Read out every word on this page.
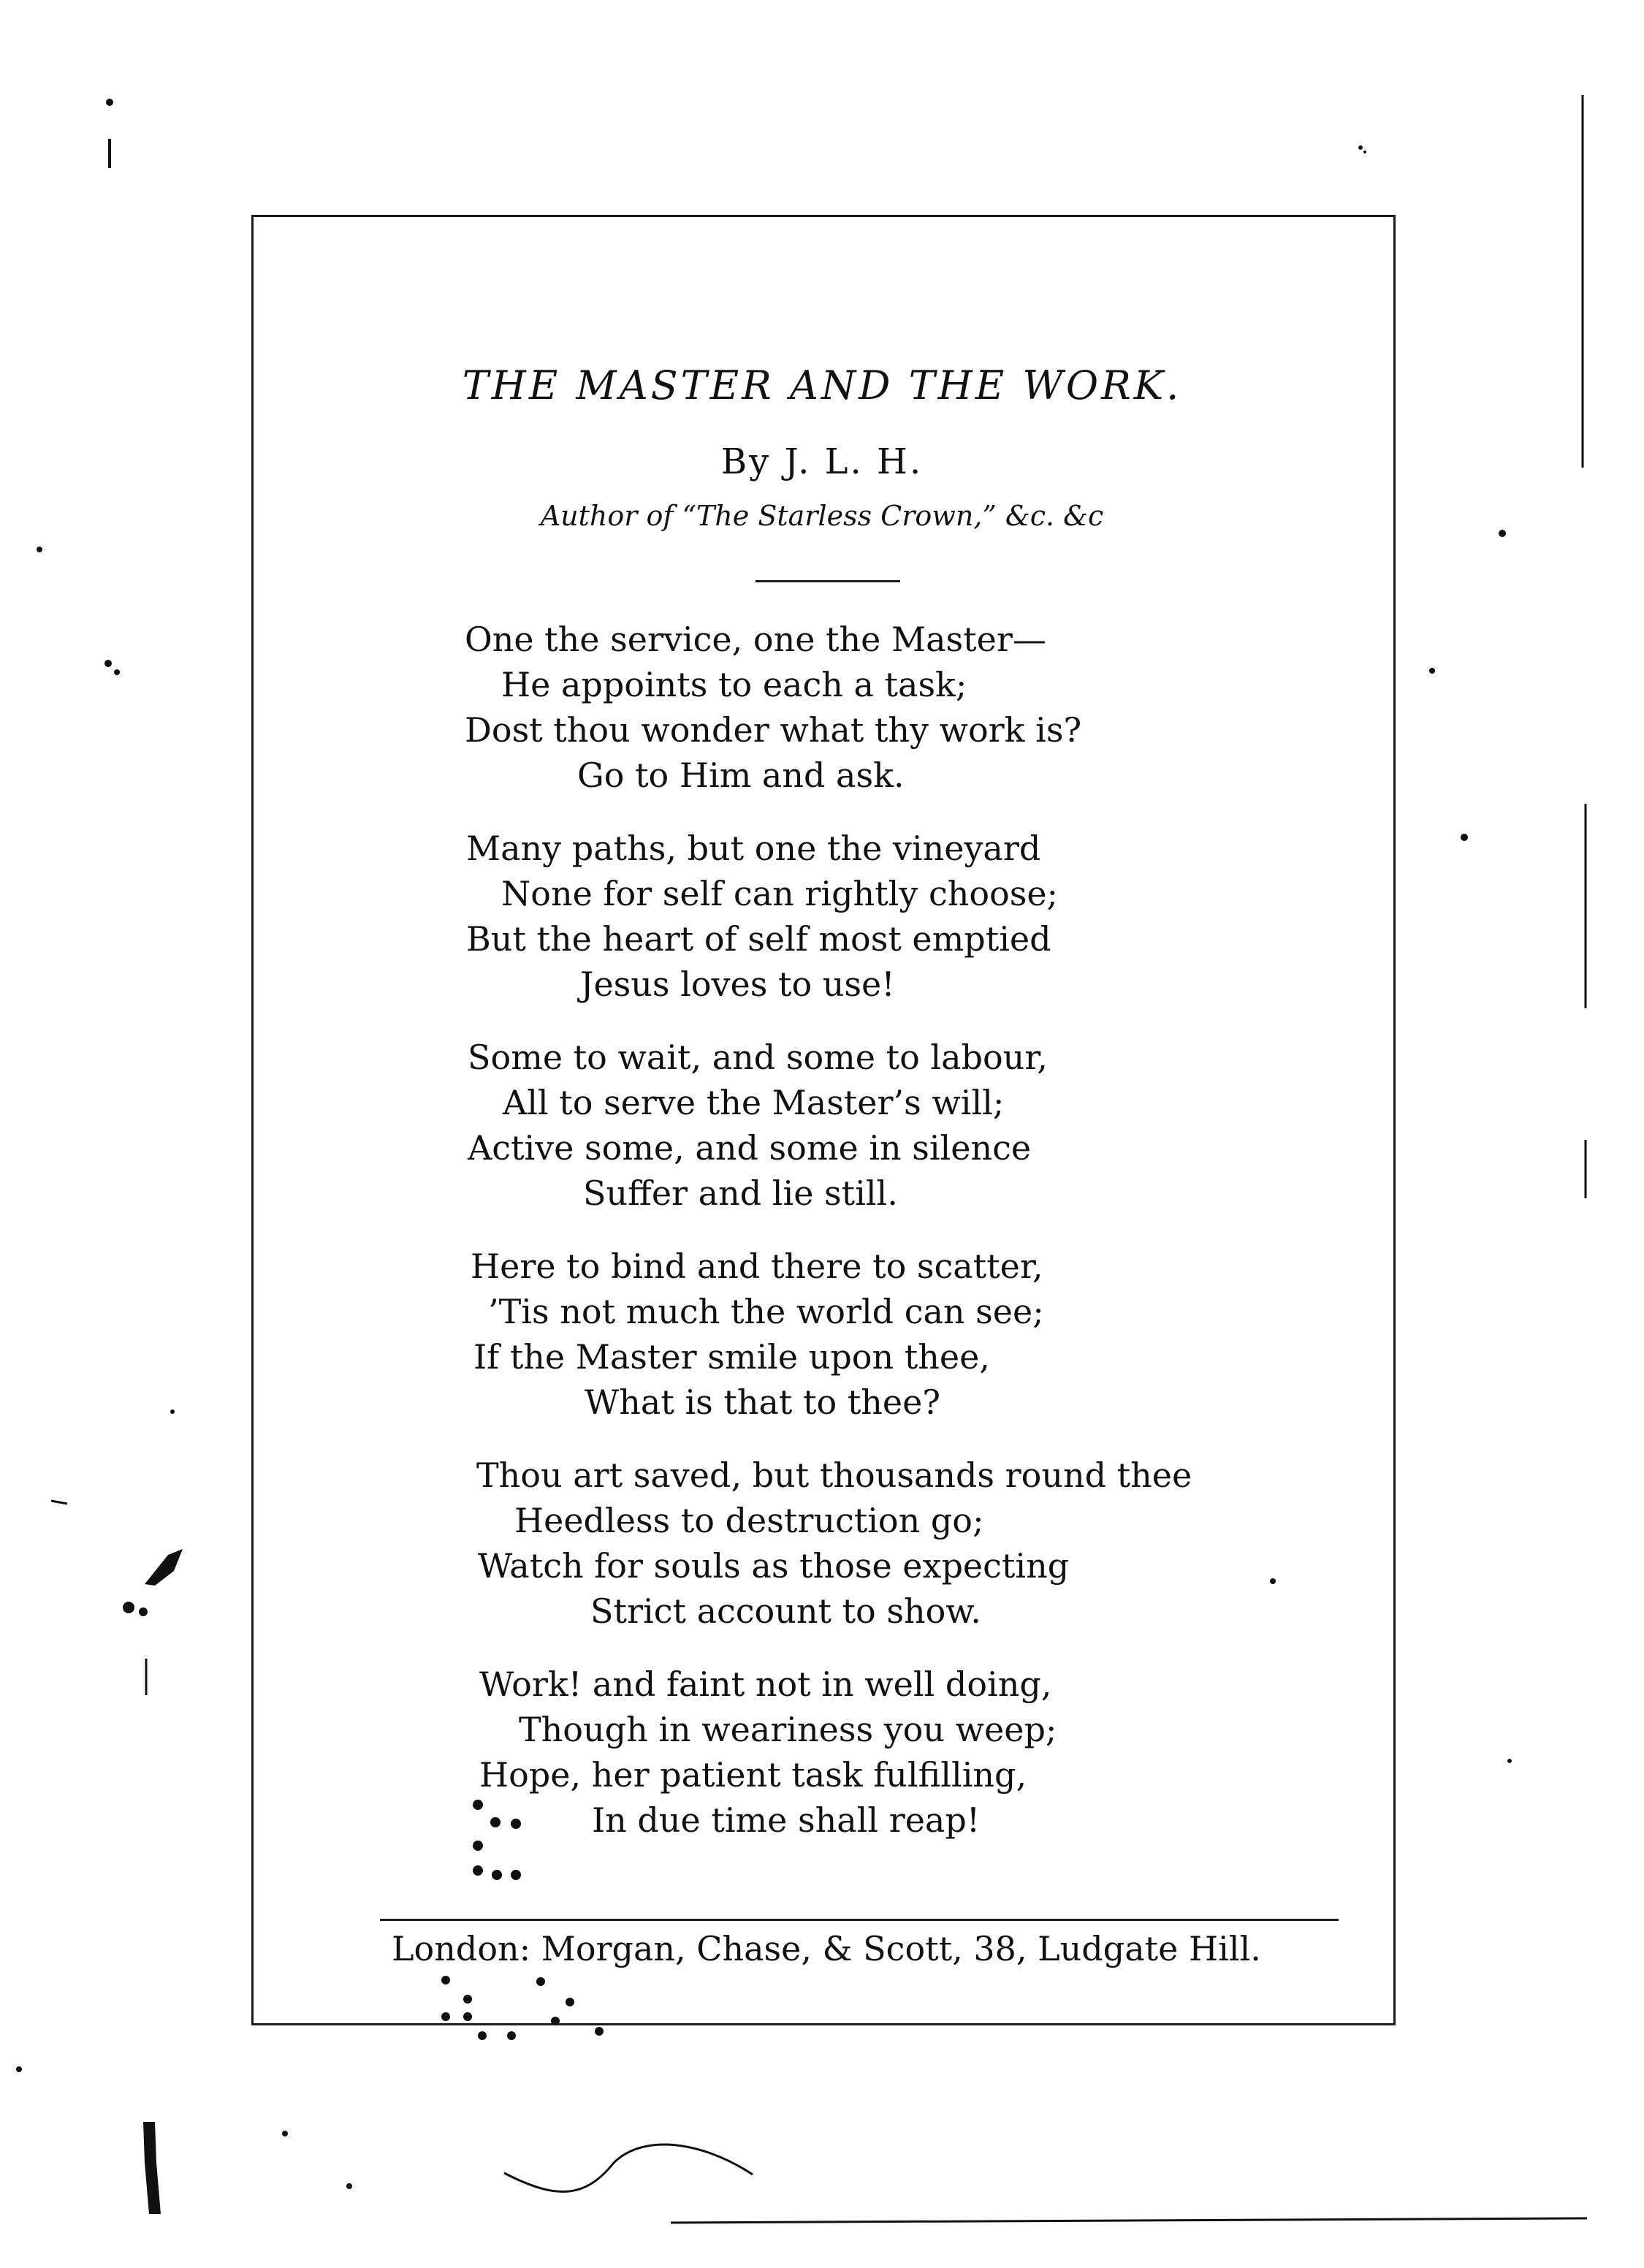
THE MASTER AND THE WORK.
By J. L. H.
Author of “The Starless Crown,” &c. &c
One the service, one the Master—
He appoints to each a task;
Dost thou wonder what thy work is?
Go to Him and ask.
Many paths, but one the vineyard
None for self can rightly choose;
But the heart of self most emptied
Jesus loves to use!
Some to wait, and some to labour,
All to serve the Master’s will;
Active some, and some in silence
Suffer and lie still.
Here to bind and there to scatter,
’Tis not much the world can see;
If the Master smile upon thee,
What is that to thee?
Thou art saved, but thousands round thee
Heedless to destruction go;
Watch for souls as those expecting
Strict account to show.
Work! and faint not in well doing,
Though in weariness you weep;
Hope, her patient task fulfilling,
In due time shall reap!
London: Morgan, Chase, & Scott, 38, Ludgate Hill.
